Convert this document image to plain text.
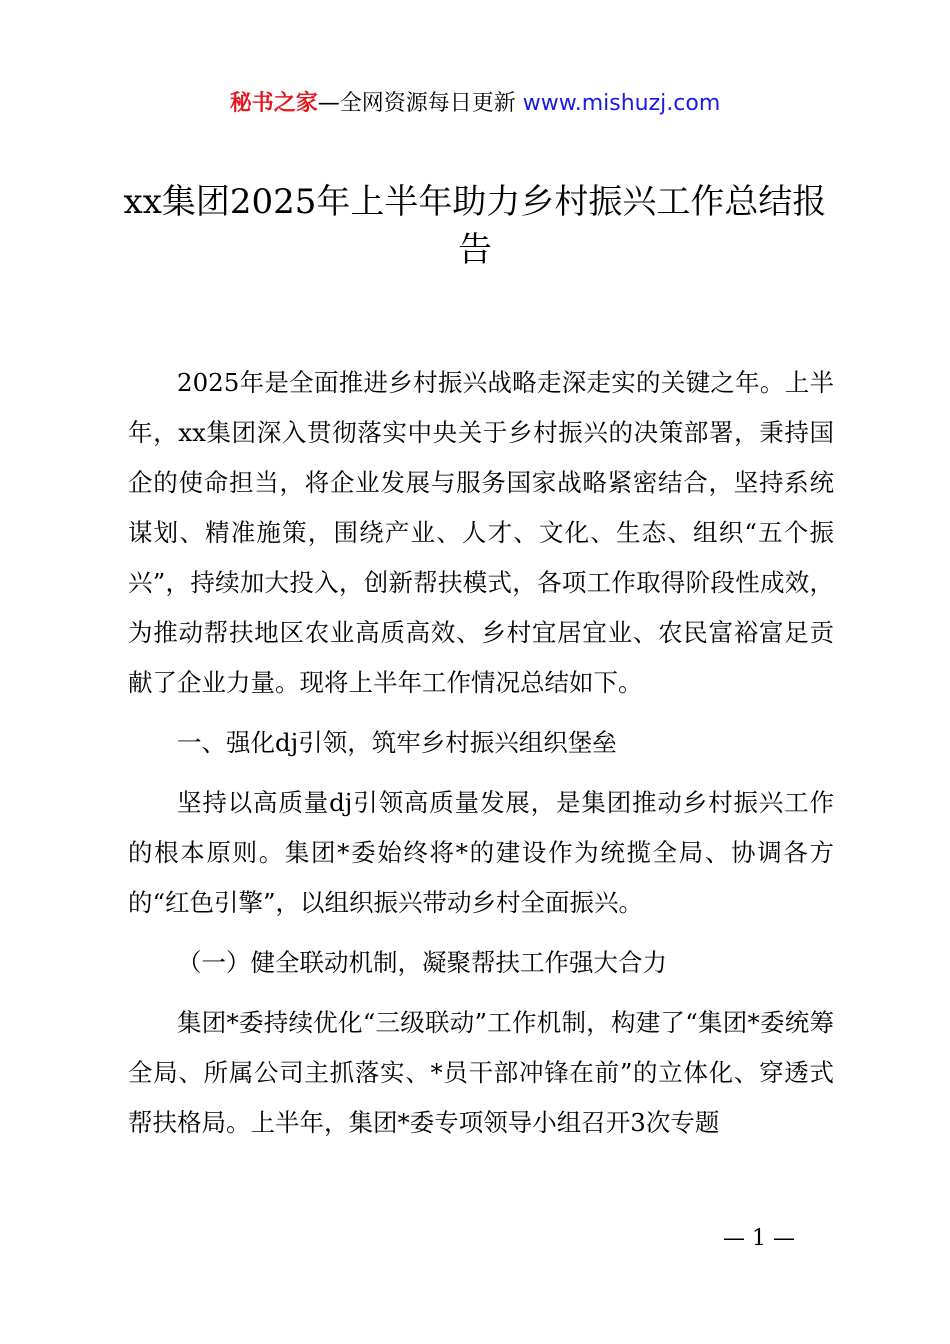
秘书之家—全网资源每日更新 www.mishuzj.com
xx集团2025年上半年助力乡村振兴工作总结报告

2025年是全面推进乡村振兴战略走深走实的关键之年。上半年，xx集团深入贯彻落实中央关于乡村振兴的决策部署，秉持国企的使命担当，将企业发展与服务国家战略紧密结合，坚持系统谋划、精准施策，围绕产业、人才、文化、生态、组织“五个振兴”，持续加大投入，创新帮扶模式，各项工作取得阶段性成效，为推动帮扶地区农业高质高效、乡村宜居宜业、农民富裕富足贡献了企业力量。现将上半年工作情况总结如下。

一、强化dj引领，筑牢乡村振兴组织堡垒

坚持以高质量dj引领高质量发展，是集团推动乡村振兴工作的根本原则。集团*委始终将*的建设作为统揽全局、协调各方的“红色引擎”，以组织振兴带动乡村全面振兴。

（一）健全联动机制，凝聚帮扶工作强大合力

集团*委持续优化“三级联动”工作机制，构建了“集团*委统筹全局、所属公司主抓落实、*员干部冲锋在前”的立体化、穿透式帮扶格局。上半年，集团*委专项领导小组召开3次专题

— 1 —
